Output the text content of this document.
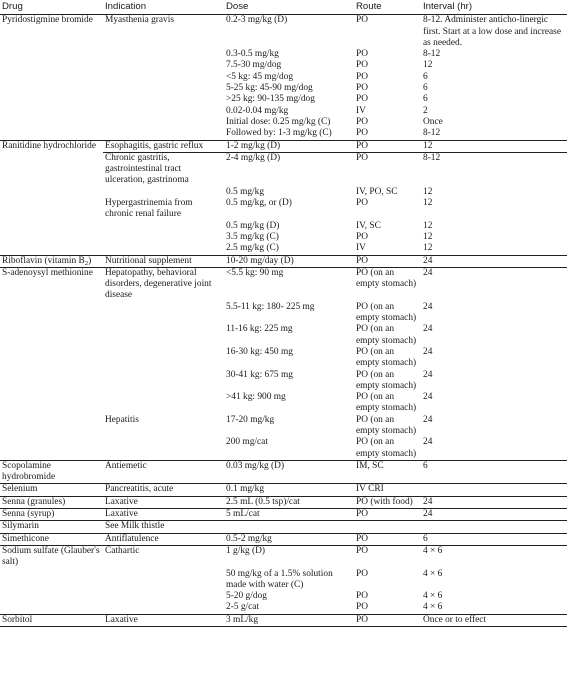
Drug	Indication	Dose	Route	Interval (hr)
Pyridostigmine bromide	Myasthenia gravis	0.2-3 mg/kg (D)	PO	8-12. Administer anticho-linergic first. Start at a low dose and increase as needed.
		0.3-0.5 mg/kg	PO	8-12
		7.5-30 mg/dog	PO	12
		<5 kg: 45 mg/dog	PO	6
		5-25 kg: 45-90 mg/dog	PO	6
		>25 kg: 90-135 mg/dog	PO	6
		0.02-0.04 mg/kg	IV	2
		Initial dose: 0.25 mg/kg (C)	PO	Once
		Followed by: 1-3 mg/kg (C)	PO	8-12
Ranitidine hydrochloride	Esophagitis, gastric reflux	1-2 mg/kg (D)	PO	12
	Chronic gastritis, gastrointestinal tract ulceration, gastrinoma	2-4 mg/kg (D)	PO	8-12
		0.5 mg/kg	IV, PO, SC	12
	Hypergastrinemia from chronic renal failure	0.5 mg/kg, or (D)	PO	12
		0.5 mg/kg (D)	IV, SC	12
		3.5 mg/kg (C)	PO	12
		2.5 mg/kg (C)	IV	12
Riboflavin (vitamin $B_2$)	Nutritional supplement	10-20 mg/day (D)	PO	24
S-adenoysyl methionine	Hepatopathy, behavioral disorders, degenerative joint disease	<5.5 kg: 90 mg	PO (on an empty stomach)	24
		5.5-11 kg: 180- 225 mg	PO (on an empty stomach)	24
		11-16 kg: 225 mg	PO (on an empty stomach)	24
		16-30 kg: 450 mg	PO (on an empty stomach)	24
		30-41 kg: 675 mg	PO (on an empty stomach)	24
		>41 kg: 900 mg	PO (on an empty stomach)	24
	Hepatitis	17-20 mg/kg	PO (on an empty stomach)	24
		200 mg/cat	PO (on an empty stomach)	24
Scopolamine hydrobromide	Antiemetic	0.03 mg/kg (D)	IM, SC	6
Selenium	Pancreatitis, acute	0.1 mg/kg	IV CRI	
Senna (granules)	Laxative	2.5 mL (0.5 tsp)/cat	PO (with food)	24
Senna (syrup)	Laxative	5 mL/cat	PO	24
Silymarin	See Milk thistle			
Simethicone	Antiflatulence	0.5-2 mg/kg	PO	6
Sodium sulfate (Glauber's salt)	Cathartic	1 g/kg (D)	PO	4 × 6
		50 mg/kg of a 1.5% solution made with water (C)	PO	4 × 6
		5-20 g/dog	PO	4 × 6
		2-5 g/cat	PO	4 × 6
Sorbitol	Laxative	3 mL/kg	PO	Once or to effect
